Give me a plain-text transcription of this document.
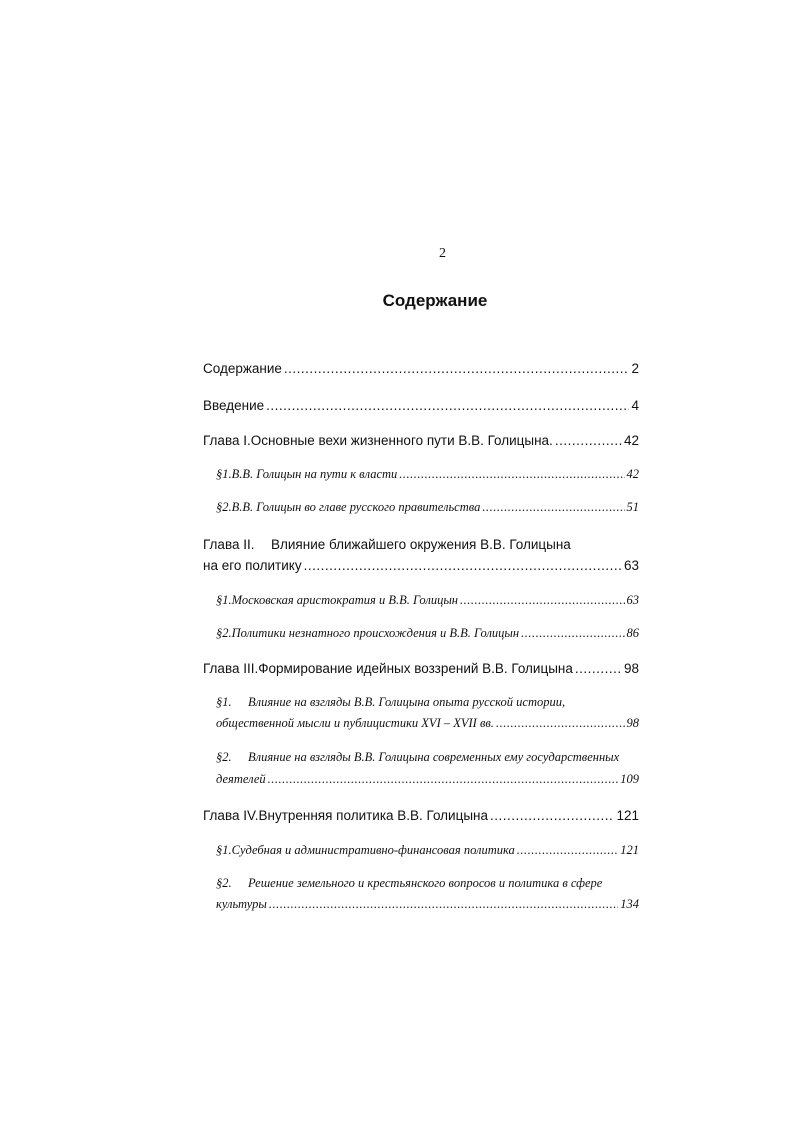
2
Содержание
Содержание .....	2
Введение .....	4
Глава I. Основные вехи жизненного пути В.В. Голицына. .....	42
§1. В.В. Голицын на пути к власти .....	42
§2. В.В. Голицын во главе русского правительства .....	51
Глава II.	Влияние ближайшего окружения В.В. Голицына
на его политику .....	63
§1. Московская аристократия и В.В. Голицын .....	63
§2. Политики незнатного происхождения и В.В. Голицын .....	86
Глава III. Формирование идейных воззрений В.В. Голицына .....	98
§1.	Влияние на взгляды В.В. Голицына опыта русской истории,
общественной мысли и публицистики XVI – XVII вв. .....	98
§2.	Влияние на взгляды В.В. Голицына современных ему государственных
деятелей .....	109
Глава IV. Внутренняя политика В.В. Голицына .....	121
§1. Судебная и административно-финансовая политика .....	121
§2.	Решение земельного и крестьянского вопросов и политика в сфере
культуры .....	134
